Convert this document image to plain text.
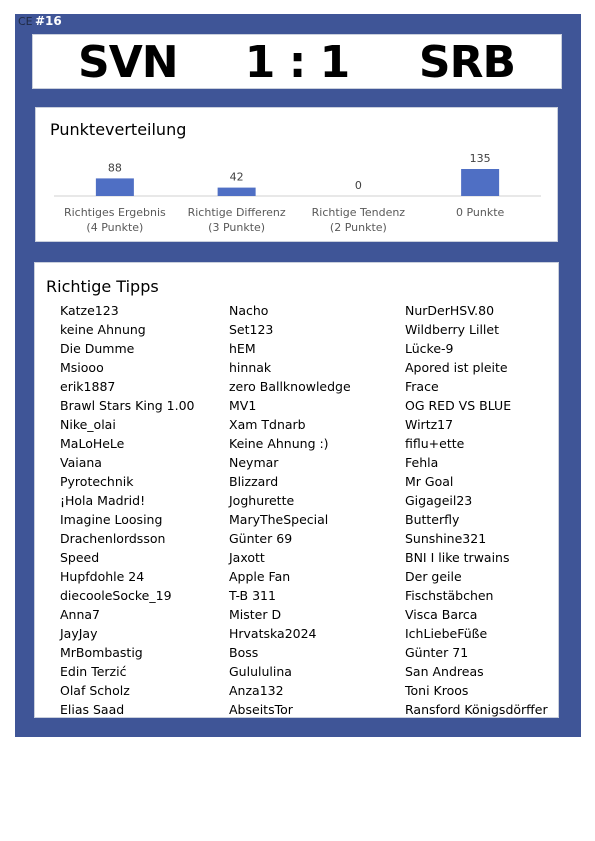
CE #16
SVN	1 : 1	SRB
Punkteverteilung
88
Richtiges Ergebnis
(4 Punkte)
42
Richtige Differenz
(3 Punkte)
0
Richtige Tendenz
(2 Punkte)
135
0 Punkte
Richtige Tipps
Katze123
keine Ahnung
Die Dumme
Msiooo
erik1887
Brawl Stars King 1.00
Nike_olai
MaLoHeLe
Vaiana
Pyrotechnik
¡Hola Madrid!
Imagine Loosing
Drachenlordsson
Speed
Hupfdohle 24
diecooleSocke_19
Anna7
JayJay
MrBombastig
Edin Terzić
Olaf Scholz
Elias Saad
Nacho
Set123
hEM
hinnak
zero Ballknowledge
MV1
Xam Tdnarb
Keine Ahnung :)
Neymar
Blizzard
Joghurette
MaryTheSpecial
Günter 69
Jaxott
Apple Fan
T-B 311
Mister D
Hrvatska2024
Boss
Gulululina
Anza132
AbseitsTor
NurDerHSV.80
Wildberry Lillet
Lücke-9
Apored ist pleite
Frace
OG RED VS BLUE
Wirtz17
fiflu+ette
Fehla
Mr Goal
Gigageil23
Butterfly
Sunshine321
BNI I like trwains
Der geile
Fischstäbchen
Visca Barca
IchLiebeFüße
Günter 71
San Andreas
Toni Kroos
Ransford Königsdörffer
